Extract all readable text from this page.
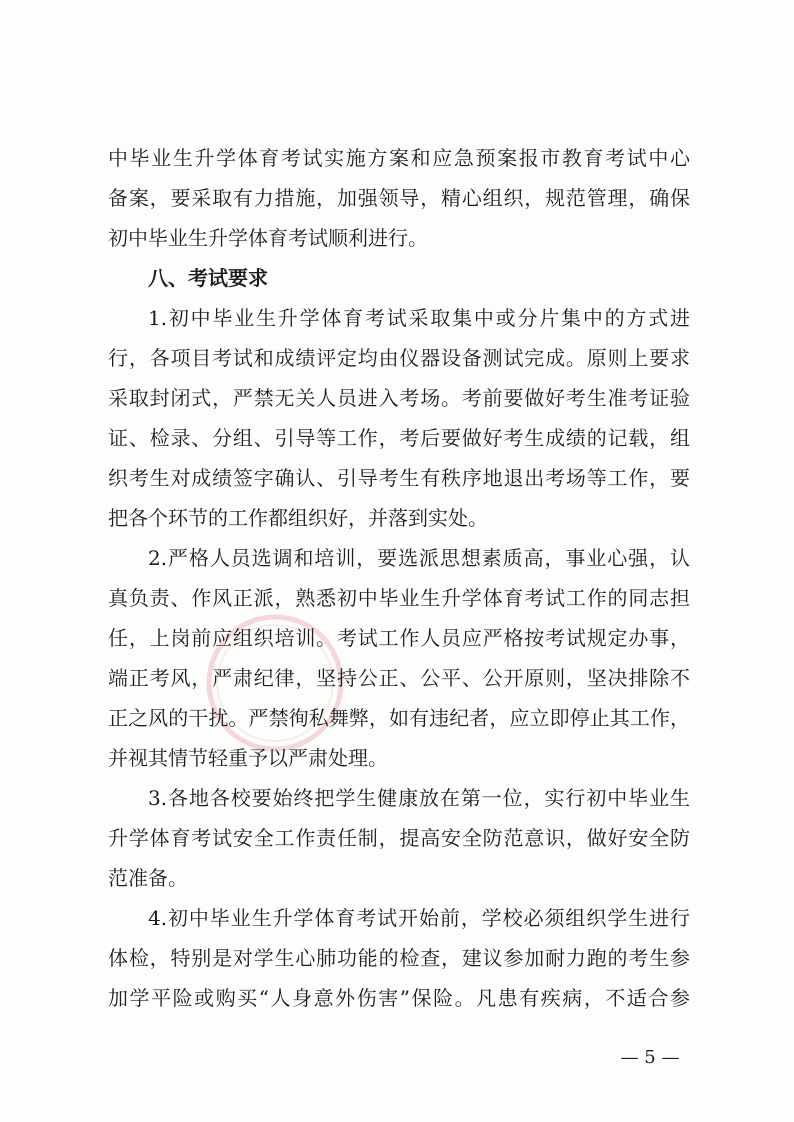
中毕业生升学体育考试实施方案和应急预案报市教育考试中心
备案，要采取有力措施，加强领导，精心组织，规范管理，确保
初中毕业生升学体育考试顺利进行。
八、考试要求
1.初中毕业生升学体育考试采取集中或分片集中的方式进
行，各项目考试和成绩评定均由仪器设备测试完成。原则上要求
采取封闭式，严禁无关人员进入考场。考前要做好考生准考证验
证、检录、分组、引导等工作，考后要做好考生成绩的记载，组
织考生对成绩签字确认、引导考生有秩序地退出考场等工作，要
把各个环节的工作都组织好，并落到实处。
2.严格人员选调和培训，要选派思想素质高，事业心强，认
真负责、作风正派，熟悉初中毕业生升学体育考试工作的同志担
任，上岗前应组织培训。考试工作人员应严格按考试规定办事，
端正考风，严肃纪律，坚持公正、公平、公开原则，坚决排除不
正之风的干扰。严禁徇私舞弊，如有违纪者，应立即停止其工作，
并视其情节轻重予以严肃处理。
3.各地各校要始终把学生健康放在第一位，实行初中毕业生
升学体育考试安全工作责任制，提高安全防范意识，做好安全防
范准备。
4.初中毕业生升学体育考试开始前，学校必须组织学生进行
体检，特别是对学生心肺功能的检查，建议参加耐力跑的考生参
加学平险或购买“人身意外伤害”保险。凡患有疾病，不适合参
— 5 —
